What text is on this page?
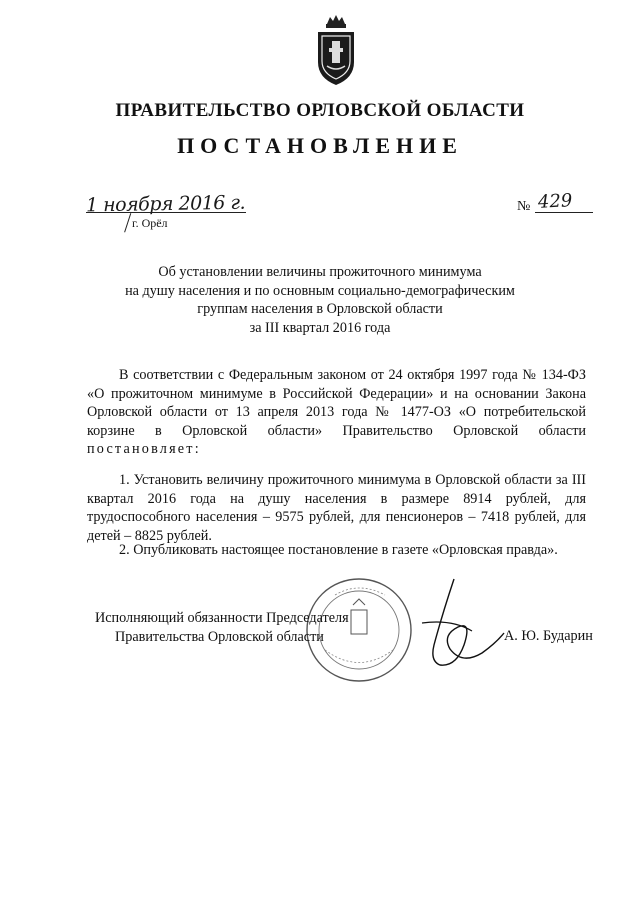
ПРАВИТЕЛЬСТВО ОРЛОВСКОЙ ОБЛАСТИ
ПОСТАНОВЛЕНИЕ
1 ноября 2016 г.
г. Орёл
№ 429
Об установлении величины прожиточного минимума
на душу населения и по основным социально-демографическим
группам населения в Орловской области
за III квартал 2016 года
В соответствии с Федеральным законом от 24 октября 1997 года № 134-ФЗ «О прожиточном минимуме в Российской Федерации» и на основании Закона Орловской области от 13 апреля 2013 года № 1477-ОЗ «О потребительской корзине в Орловской области» Правительство Орловской области постановляет:
1. Установить величину прожиточного минимума в Орловской области за III квартал 2016 года на душу населения в размере 8914 рублей, для трудоспособного населения – 9575 рублей, для пенсионеров – 7418 рублей, для детей – 8825 рублей.
2. Опубликовать настоящее постановление в газете «Орловская правда».
Исполняющий обязанности Председателя
Правительства Орловской области	А. Ю. Бударин
